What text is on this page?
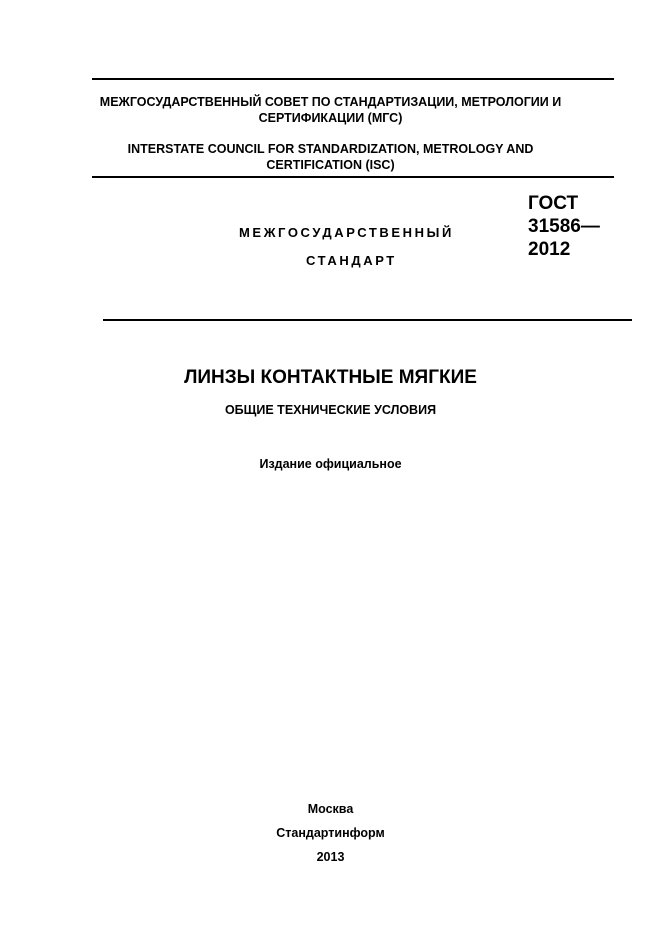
МЕЖГОСУДАРСТВЕННЫЙ СОВЕТ ПО СТАНДАРТИЗАЦИИ, МЕТРОЛОГИИ И
СЕРТИФИКАЦИИ (МГС)
INTERSTATE COUNCIL FOR STANDARDIZATION, METROLOGY AND
CERTIFICATION (ISC)
МЕЖГОСУДАРСТВЕННЫЙ
СТАНДАРТ
ГОСТ
31586—
2012
ЛИНЗЫ КОНТАКТНЫЕ МЯГКИЕ
ОБЩИЕ ТЕХНИЧЕСКИЕ УСЛОВИЯ
Издание официальное
Москва
Стандартинформ
2013
